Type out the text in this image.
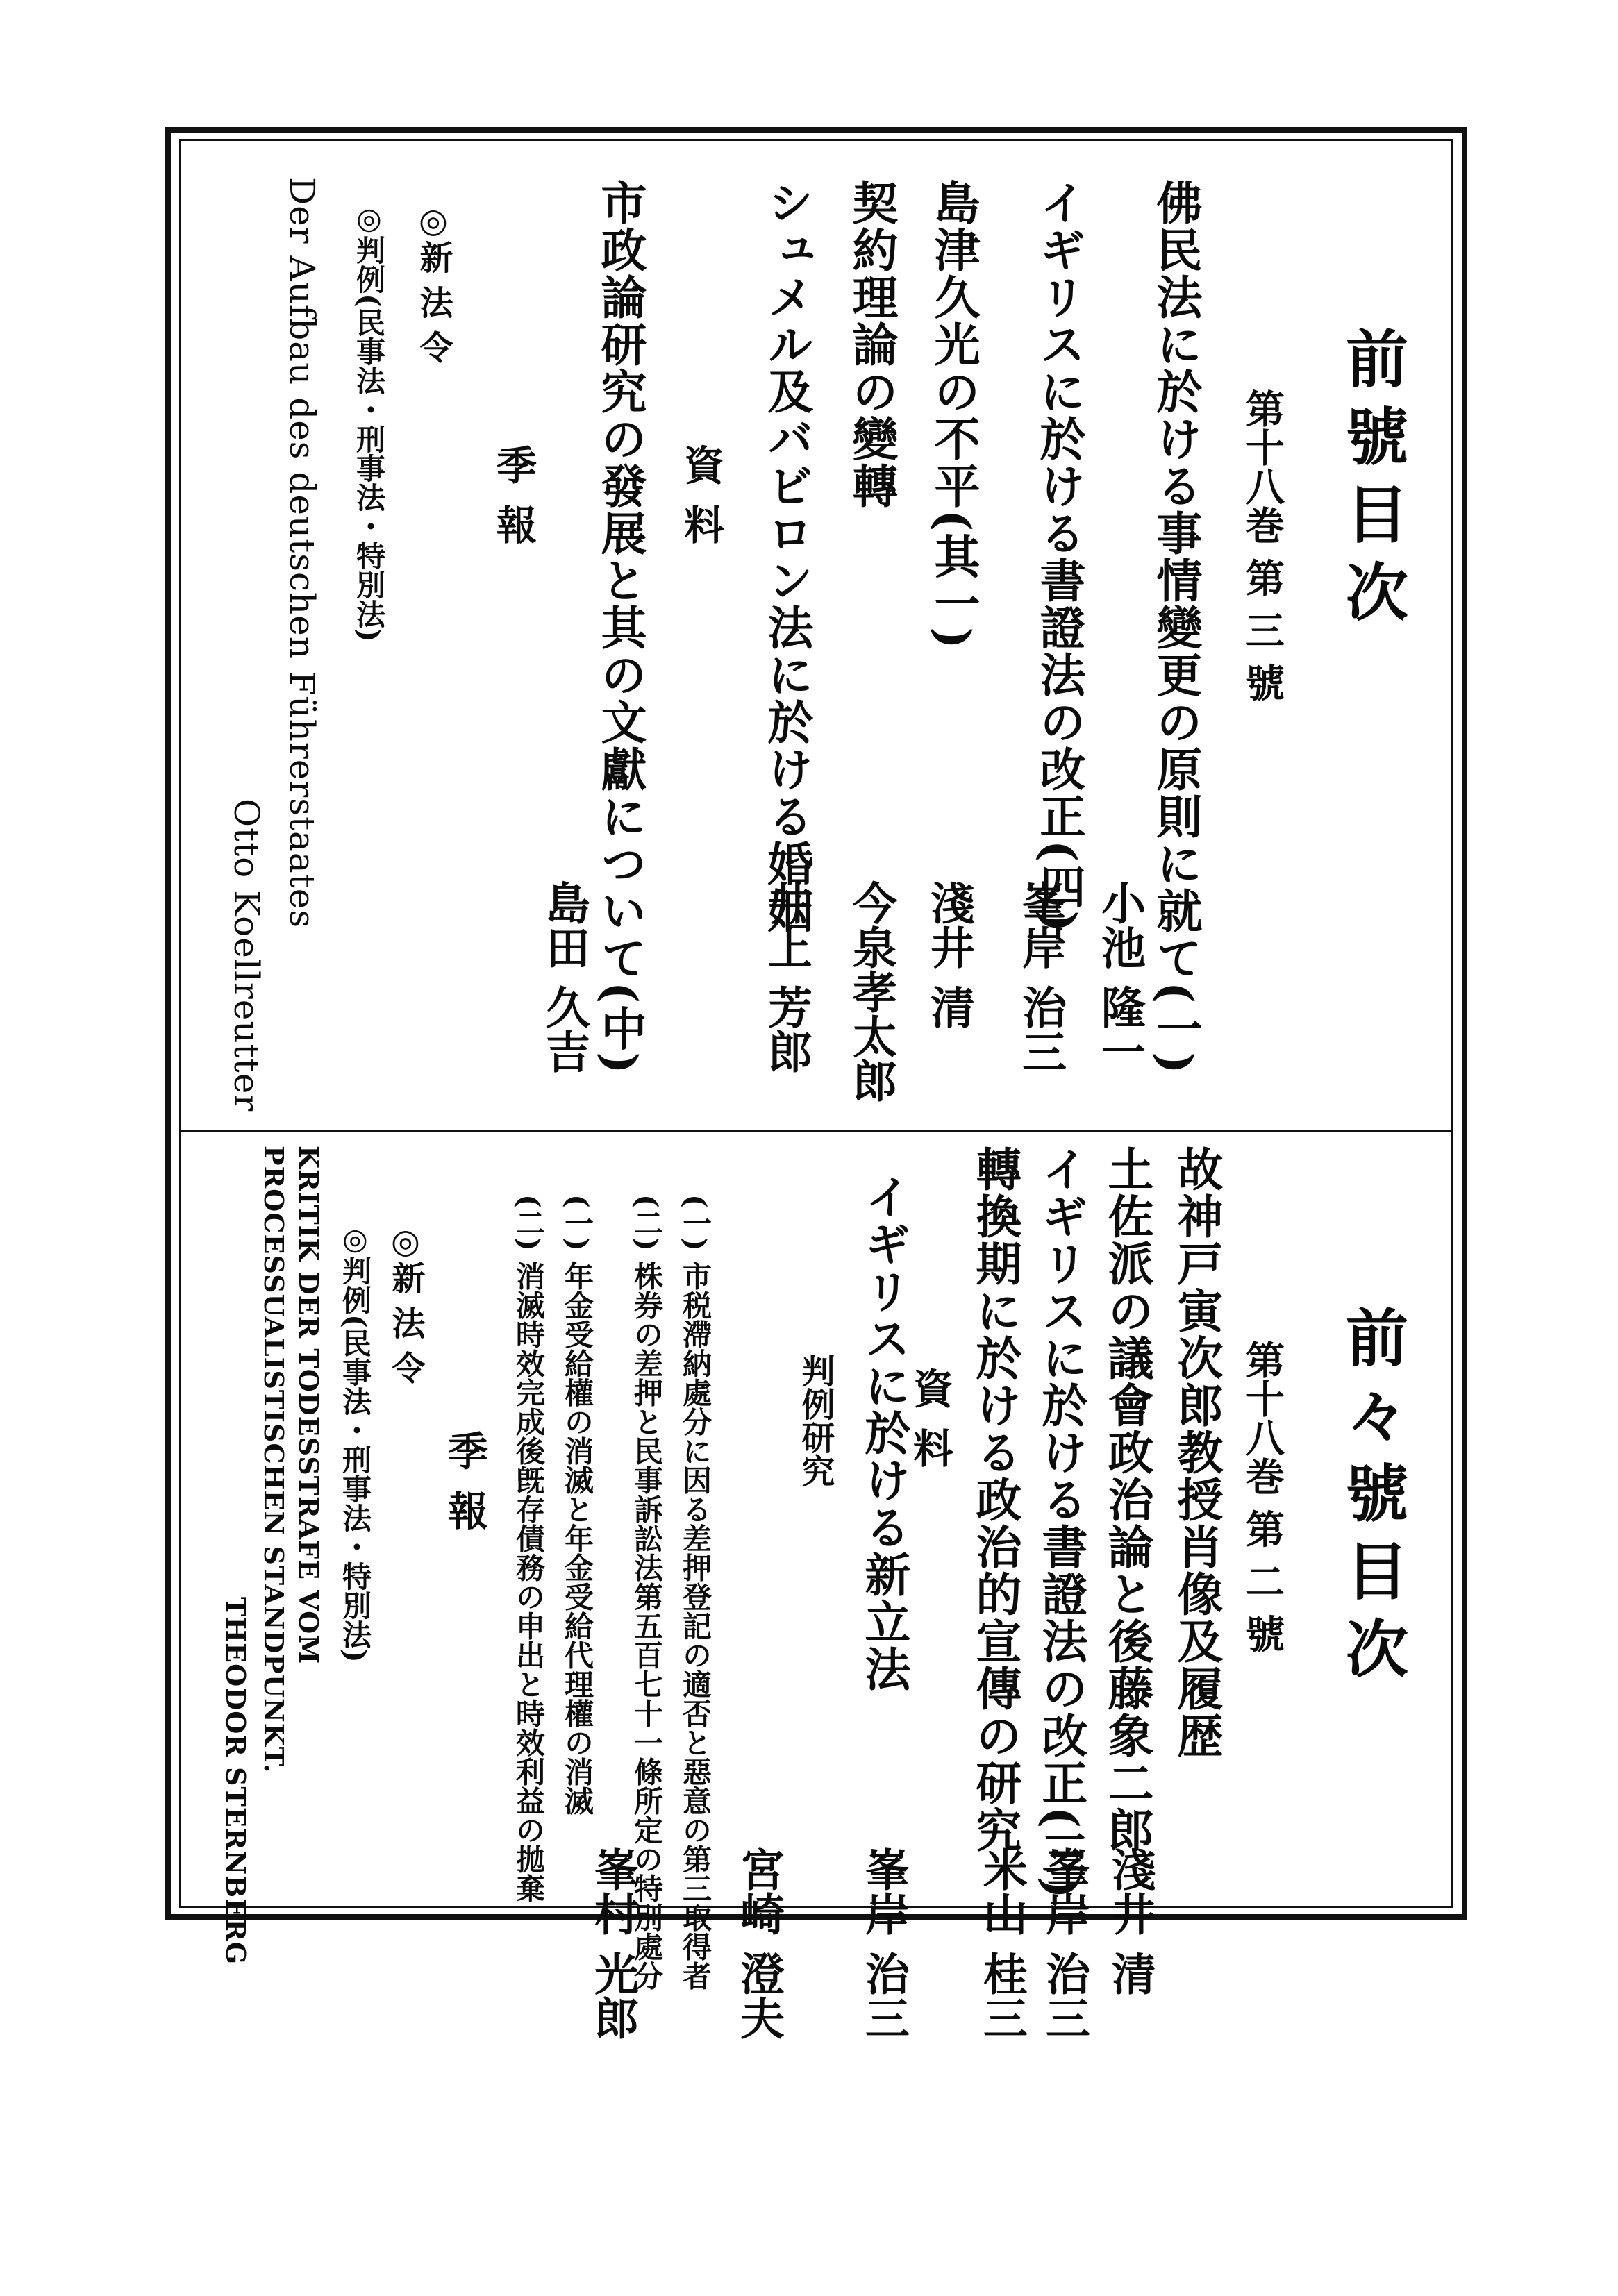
前號目次
第十八巻 第 三 號
佛民法に於ける事情變更の原則に就て(一)
小池 隆一
イギリスに於ける書證法の改正(四)
峯岸 治三
島津久光の不平(其一)
淺井 清
契約理論の變轉
今泉孝太郎
シュメル及バビロン法に於ける婚姻
井上 芳郎
資 料
市政論研究の發展と其の文獻について(中)
島田 久吉
季 報
◎新 法 令
◎判例(民事法・刑事法・特別法)
Der Aufbau des deutschen Führerstaates
Otto Koellreutter
前々號目次
第十八巻 第 二 號
故神戸寅次郎教授肖像及履歴
淺井 清
土佐派の議會政治論と後藤象二郎
米山 桂三
イギリスに於ける書證法の改正(三)
峯岸 治三
轉換期に於ける政治的宣傳の研究
資 料
イギリスに於ける新立法
峯岸 治三
判例研究
宮崎 澄夫
(一) 市税滯納處分に因る差押登記の適否と惡意の第三取得者
(二) 株券の差押と民事訴訟法第五百七十一條所定の特別處分
峯村 光郎
(一) 年金受給權の消滅と年金受給代理權の消滅
(二) 消滅時效完成後旣存債務の申出と時效利益の拋棄
季 報
◎新 法 令
◎判例(民事法・刑事法・特別法)
KRITIK DER TODESSTRAFE VOM
PROCESSUALISTISCHEN STANDPUNKT.
THEODOR STERNBERG
